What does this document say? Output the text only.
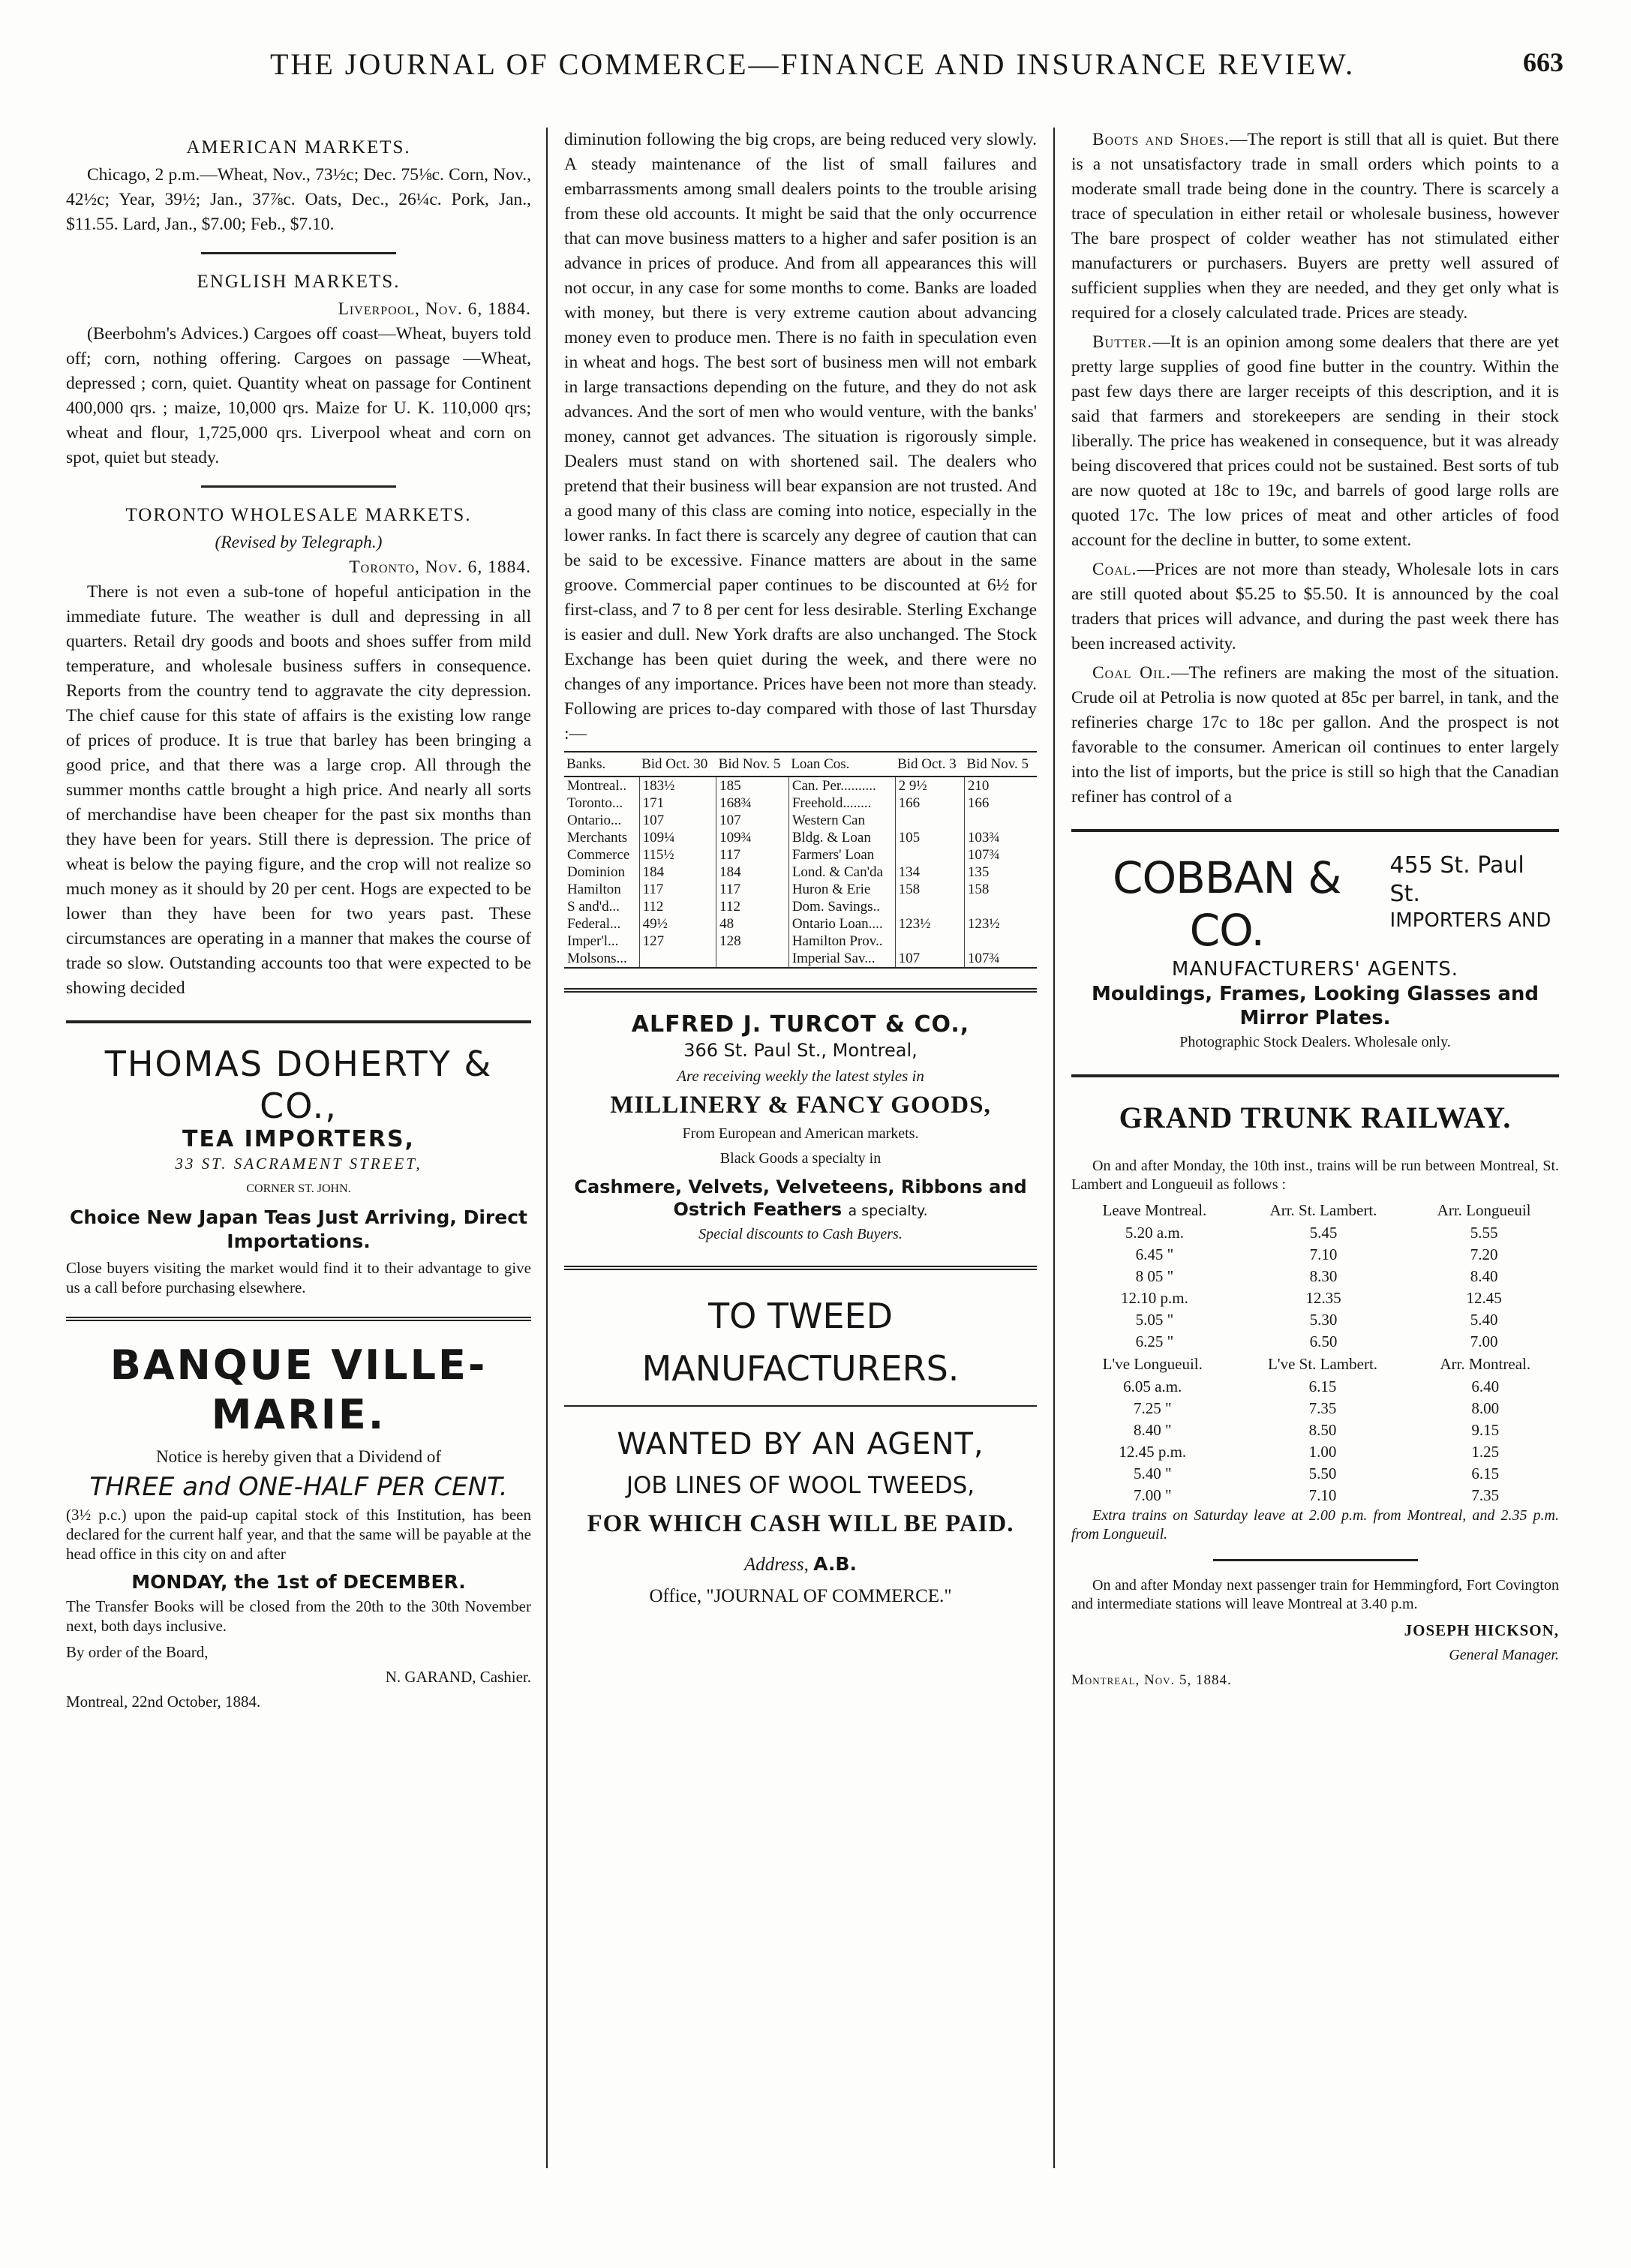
THE JOURNAL OF COMMERCE—FINANCE AND INSURANCE REVIEW.	663
AMERICAN MARKETS.

Chicago, 2 p.m.—Wheat, Nov., 73½c; Dec. 75⅛c. Corn, Nov., 42½c; Year, 39½; Jan., 37⅞c. Oats, Dec., 26¼c. Pork, Jan., $11.55. Lard, Jan., $7.00; Feb., $7.10.

ENGLISH MARKETS.
Liverpool, Nov. 6, 1884.

(Beerbohm's Advices.) Cargoes off coast—Wheat, buyers told off; corn, nothing offering. Cargoes on passage —Wheat, depressed ; corn, quiet. Quantity wheat on passage for Continent 400,000 qrs. ; maize, 10,000 qrs. Maize for U. K. 110,000 qrs; wheat and flour, 1,725,000 qrs. Liverpool wheat and corn on spot, quiet but steady.

TORONTO WHOLESALE MARKETS.
(Revised by Telegraph.)
Toronto, Nov. 6, 1884.

There is not even a sub-tone of hopeful anticipation in the immediate future. The weather is dull and depressing in all quarters. Retail dry goods and boots and shoes suffer from mild temperature, and wholesale business suffers in consequence. Reports from the country tend to aggravate the city depression. The chief cause for this state of affairs is the existing low range of prices of produce. It is true that barley has been bringing a good price, and that there was a large crop. All through the summer months cattle brought a high price. And nearly all sorts of merchandise have been cheaper for the past six months than they have been for years. Still there is depression. The price of wheat is below the paying figure, and the crop will not realize so much money as it should by 20 per cent. Hogs are expected to be lower than they have been for two years past. These circumstances are operating in a manner that makes the course of trade so slow. Outstanding accounts too that were expected to be showing decided

THOMAS DOHERTY & CO.,
TEA IMPORTERS,
33 ST. SACRAMENT STREET,
CORNER ST. JOHN.
Choice New Japan Teas Just Arriving, Direct Importations.

Close buyers visiting the market would find it to their advantage to give us a call before purchasing elsewhere.

BANQUE VILLE-MARIE.
Notice is hereby given that a Dividend of
THREE and ONE-HALF PER CENT.

(3½ p.c.) upon the paid-up capital stock of this Institution, has been declared for the current half year, and that the same will be payable at the head office in this city on and after

MONDAY, the 1st of DECEMBER.

The Transfer Books will be closed from the 20th to the 30th November next, both days inclusive.

By order of the Board,
N. GARAND, Cashier.
Montreal, 22nd October, 1884.

diminution following the big crops, are being reduced very slowly. A steady maintenance of the list of small failures and embarrassments among small dealers points to the trouble arising from these old accounts. It might be said that the only occurrence that can move business matters to a higher and safer position is an advance in prices of produce. And from all appearances this will not occur, in any case for some months to come. Banks are loaded with money, but there is very extreme caution about advancing money even to produce men. There is no faith in speculation even in wheat and hogs. The best sort of business men will not embark in large transactions depending on the future, and they do not ask advances. And the sort of men who would venture, with the banks' money, cannot get advances. The situation is rigorously simple. Dealers must stand on with shortened sail. The dealers who pretend that their business will bear expansion are not trusted. And a good many of this class are coming into notice, especially in the lower ranks. In fact there is scarcely any degree of caution that can be said to be excessive. Finance matters are about in the same groove. Commercial paper continues to be discounted at 6½ for first-class, and 7 to 8 per cent for less desirable. Sterling Exchange is easier and dull. New York drafts are also unchanged. The Stock Exchange has been quiet during the week, and there were no changes of any importance. Prices have been not more than steady. Following are prices to-day compared with those of last Thursday :—

Banks.	Bid Oct. 30	Bid Nov. 5	Loan Cos.	Bid Oct. 3	Bid Nov. 5
Montreal..	183½	185	Can. Per..........	2 9½	210
Toronto...	171	168¾	Freehold........	166	166
Ontario...	107	107	Western Can		
Merchants	109¼	109¾	Bldg. & Loan	105	103¾
Commerce	115½	117	Farmers' Loan		107¾
Dominion	184	184	Lond. & Can'da	134	135
Hamilton	117	117	Huron & Erie	158	158
S and'd...	112	112	Dom. Savings..		
Federal...	49½	48	Ontario Loan....	123½	123½
Imper'l...	127	128	Hamilton Prov..		
Molsons...			Imperial Sav...	107	107¾
ALFRED J. TURCOT & CO.,
366 St. Paul St., Montreal,
Are receiving weekly the latest styles in
MILLINERY & FANCY GOODS,
From European and American markets.
Black Goods a specialty in
Cashmere, Velvets, Velveteens, Ribbons and Ostrich Feathers a specialty.
Special discounts to Cash Buyers.
TO TWEED MANUFACTURERS.
WANTED BY AN AGENT,
JOB LINES OF WOOL TWEEDS,
FOR WHICH CASH WILL BE PAID.
Address, A.B.
Office, "JOURNAL OF COMMERCE."

Boots and Shoes.—The report is still that all is quiet. But there is a not unsatisfactory trade in small orders which points to a moderate small trade being done in the country. There is scarcely a trace of speculation in either retail or wholesale business, however The bare prospect of colder weather has not stimulated either manufacturers or purchasers. Buyers are pretty well assured of sufficient supplies when they are needed, and they get only what is required for a closely calculated trade. Prices are steady.

Butter.—It is an opinion among some dealers that there are yet pretty large supplies of good fine butter in the country. Within the past few days there are larger receipts of this description, and it is said that farmers and storekeepers are sending in their stock liberally. The price has weakened in consequence, but it was already being discovered that prices could not be sustained. Best sorts of tub are now quoted at 18c to 19c, and barrels of good large rolls are quoted 17c. The low prices of meat and other articles of food account for the decline in butter, to some extent.

Coal.—Prices are not more than steady, Wholesale lots in cars are still quoted about $5.25 to $5.50. It is announced by the coal traders that prices will advance, and during the past week there has been increased activity.

Coal Oil.—The refiners are making the most of the situation. Crude oil at Petrolia is now quoted at 85c per barrel, in tank, and the refineries charge 17c to 18c per gallon. And the prospect is not favorable to the consumer. American oil continues to enter largely into the list of imports, but the price is still so high that the Canadian refiner has control of a

COBBAN & CO.
455 St. Paul St.
IMPORTERS AND
MANUFACTURERS' AGENTS.
Mouldings, Frames, Looking Glasses and Mirror Plates.
Photographic Stock Dealers. Wholesale only.
GRAND TRUNK RAILWAY.

On and after Monday, the 10th inst., trains will be run between Montreal, St. Lambert and Longueuil as follows :

Leave Montreal.	Arr. St. Lambert.	Arr. Longueuil
5.20 a.m.	5.45	5.55
6.45 "	7.10	7.20
8 05 "	8.30	8.40
12.10 p.m.	12.35	12.45
5.05 "	5.30	5.40
6.25 "	6.50	7.00
L've Longueuil.	L've St. Lambert.	Arr. Montreal.
6.05 a.m.	6.15	6.40
7.25 "	7.35	8.00
8.40 "	8.50	9.15
12.45 p.m.	1.00	1.25
5.40 "	5.50	6.15
7.00 "	7.10	7.35

Extra trains on Saturday leave at 2.00 p.m. from Montreal, and 2.35 p.m. from Longueuil.

On and after Monday next passenger train for Hemmingford, Fort Covington and intermediate stations will leave Montreal at 3.40 p.m.

JOSEPH HICKSON,
General Manager.
Montreal, Nov. 5, 1884.
